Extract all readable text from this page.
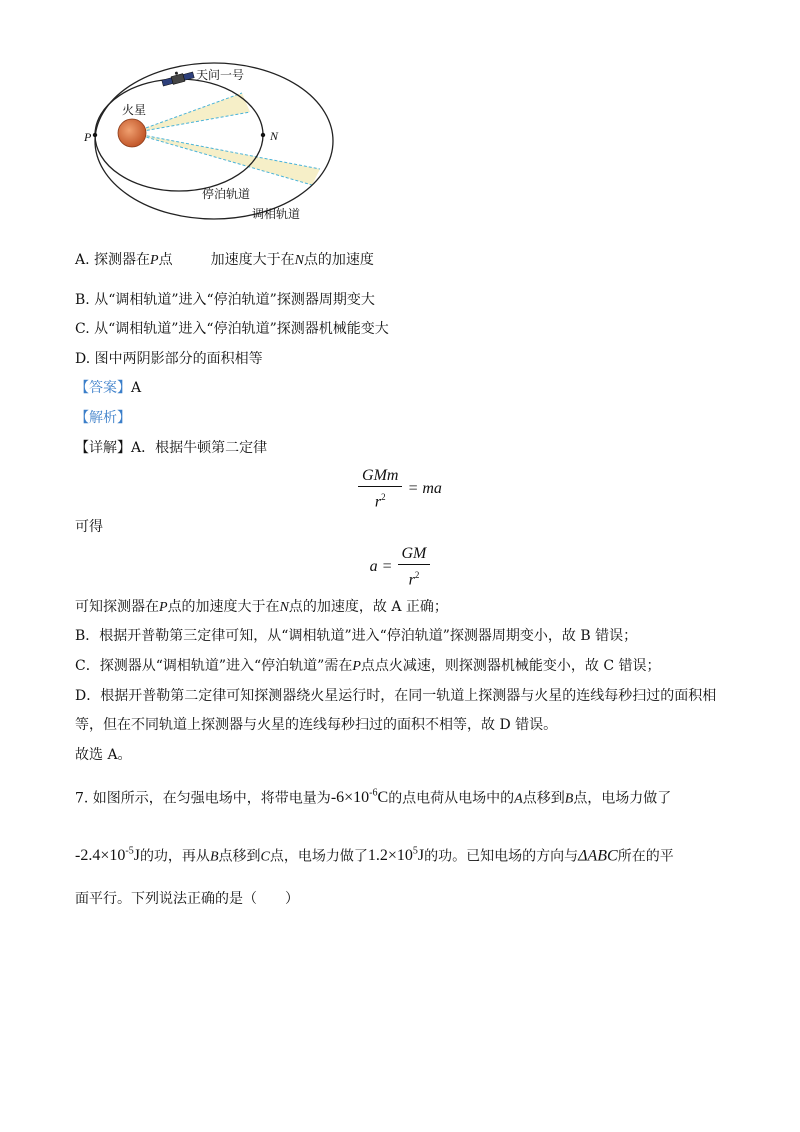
天问一号
火星
P	N
停泊轨道
调相轨道
A. 探测器在P点	加速度大于在N点的加速度
B. 从“调相轨道”进入“停泊轨道”探测器周期变大
C. 从“调相轨道”进入“停泊轨道”探测器机械能变大
D. 图中两阴影部分的面积相等
【答案】A
【解析】
【详解】A．根据牛顿第二定律
$\frac{\text{GMm}}{r^2}$ = ma
可得
$a = \frac{GM}{r^2}$
可知探测器在P点的加速度大于在N点的加速度，故 A 正确；
B．根据开普勒第三定律可知，从“调相轨道”进入“停泊轨道”探测器周期变小，故 B 错误；
C．探测器从“调相轨道”进入“停泊轨道”需在P点点火减速，则探测器机械能变小，故 C 错误；
D．根据开普勒第二定律可知探测器绕火星运行时，在同一轨道上探测器与火星的连线每秒扫过的面积相
等，但在不同轨道上探测器与火星的连线每秒扫过的面积不相等，故 D 错误。
故选 A。
7. 如图所示，在匀强电场中，将带电量为$-6\times 10^{-6}C$的点电荷从电场中的A点移到B点，电场力做了
$-2.4\times 10^{-5}J$的功，再从B点移到C点，电场力做了$1.2\times 10^5J$的功。已知电场的方向与ΔABC所在的平
面平行。下列说法正确的是（　　）
